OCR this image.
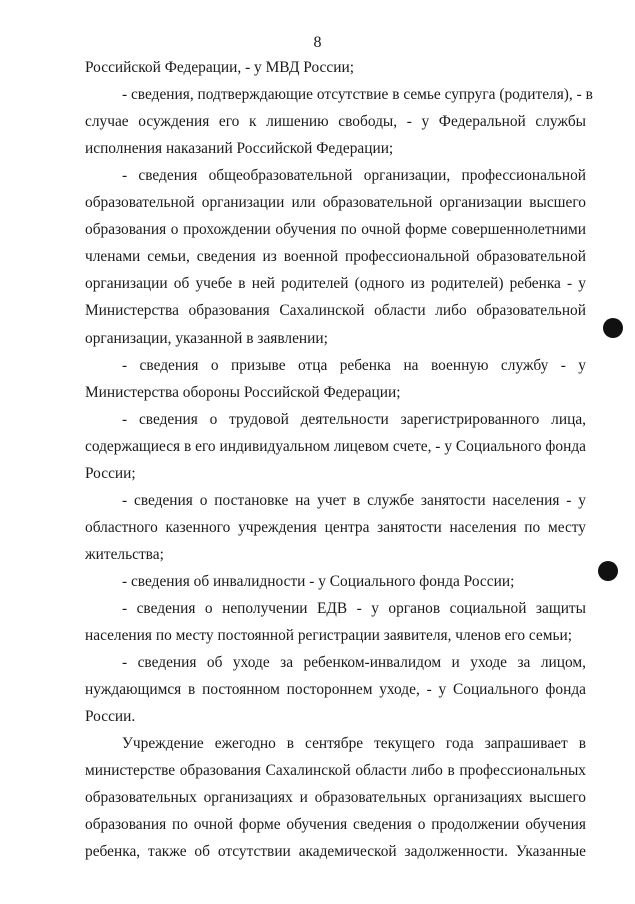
8
Российской Федерации, - у МВД России;
- сведения, подтверждающие отсутствие в семье супруга (родителя), - в
случае осуждения его к лишению свободы, - у Федеральной службы
исполнения наказаний Российской Федерации;
- сведения общеобразовательной организации, профессиональной
образовательной организации или образовательной организации высшего
образования о прохождении обучения по очной форме совершеннолетними
членами семьи, сведения из военной профессиональной образовательной
организации об учебе в ней родителей (одного из родителей) ребенка - у
Министерства образования Сахалинской области либо образовательной
организации, указанной в заявлении;
- сведения о призыве отца ребенка на военную службу - у
Министерства обороны Российской Федерации;
- сведения о трудовой деятельности зарегистрированного лица,
содержащиеся в его индивидуальном лицевом счете, - у Социального фонда
России;
- сведения о постановке на учет в службе занятости населения - у
областного казенного учреждения центра занятости населения по месту
жительства;
- сведения об инвалидности - у Социального фонда России;
- сведения о неполучении ЕДВ - у органов социальной защиты
населения по месту постоянной регистрации заявителя, членов его семьи;
- сведения об уходе за ребенком-инвалидом и уходе за лицом,
нуждающимся в постоянном постороннем уходе, - у Социального фонда
России.
Учреждение ежегодно в сентябре текущего года запрашивает в
министерстве образования Сахалинской области либо в профессиональных
образовательных организациях и образовательных организациях высшего
образования по очной форме обучения сведения о продолжении обучения
ребенка, также об отсутствии академической задолженности. Указанные
